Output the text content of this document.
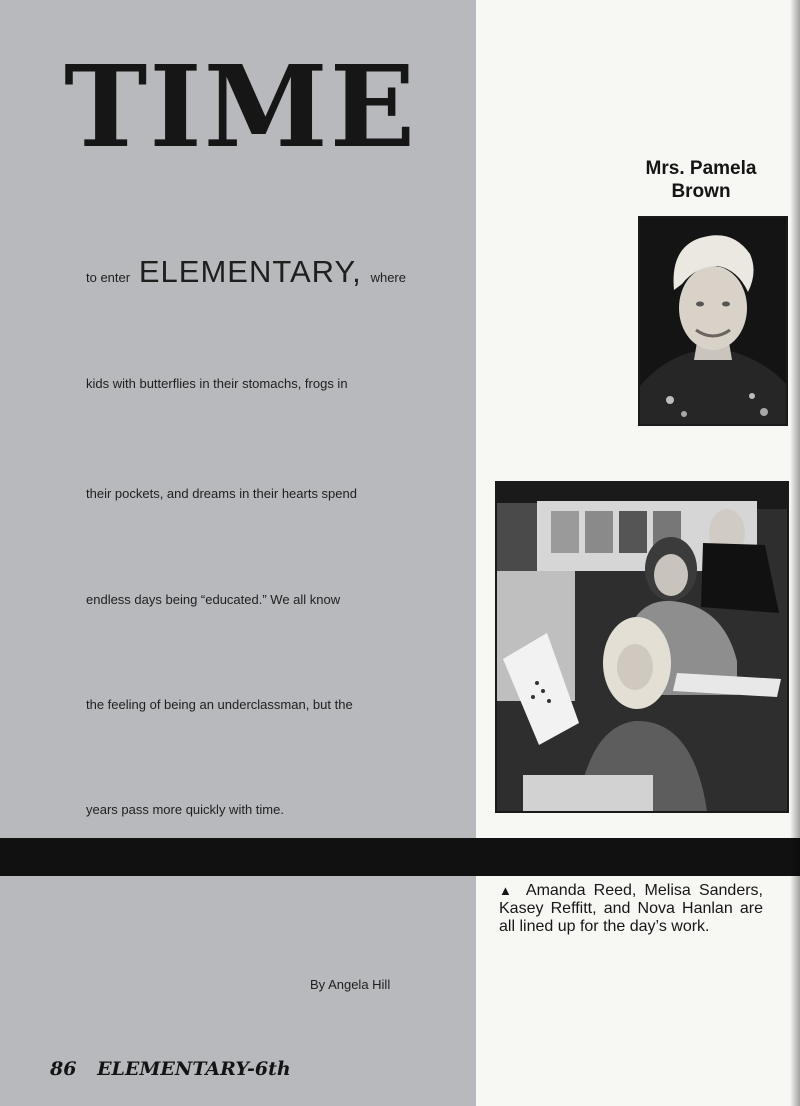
TIME
to enter ELEMENTARY, where
kids with butterflies in their stomachs, frogs in
their pockets, and dreams in their hearts spend
endless days being “educated.” We all know
the feeling of being an underclassman, but the
years pass more quickly with time.
By Angela Hill
86 ELEMENTARY-6th
Mrs. Pamela
Brown
▲ Amanda Reed, Melisa Sanders, Kasey Reffitt, and Nova Hanlan are all lined up for the day’s work.
